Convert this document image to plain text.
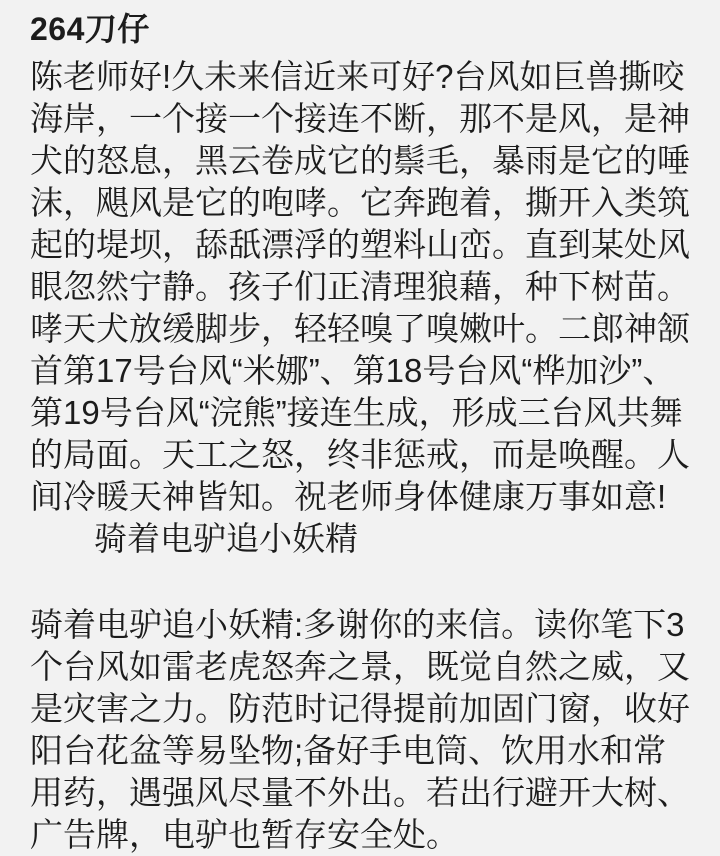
264刀仔

陈老师好!久未来信近来可好?台风如巨兽撕咬海岸，一个接一个接连不断，那不是风，是神犬的怒息，黑云卷成它的鬃毛，暴雨是它的唾沫，飓风是它的咆哮。它奔跑着，撕开入类筑起的堤坝，舔舐漂浮的塑料山峦。直到某处风眼忽然宁静。孩子们正清理狼藉，种下树苗。哮天犬放缓脚步，轻轻嗅了嗅嫩叶。二郎神颔首第17号台风“米娜”、第18号台风“桦加沙”、第19号台风“浣熊”接连生成，形成三台风共舞的局面。天工之怒，终非惩戒，而是唤醒。人间冷暖天神皆知。祝老师身体健康万事如意!骑着电驴追小妖精

骑着电驴追小妖精:多谢你的来信。读你笔下3个台风如雷老虎怒奔之景，既觉自然之威，又是灾害之力。防范时记得提前加固门窗，收好阳台花盆等易坠物;备好手电筒、饮用水和常用药，遇强风尽量不外出。若出行避开大树、广告牌，电驴也暂存安全处。
